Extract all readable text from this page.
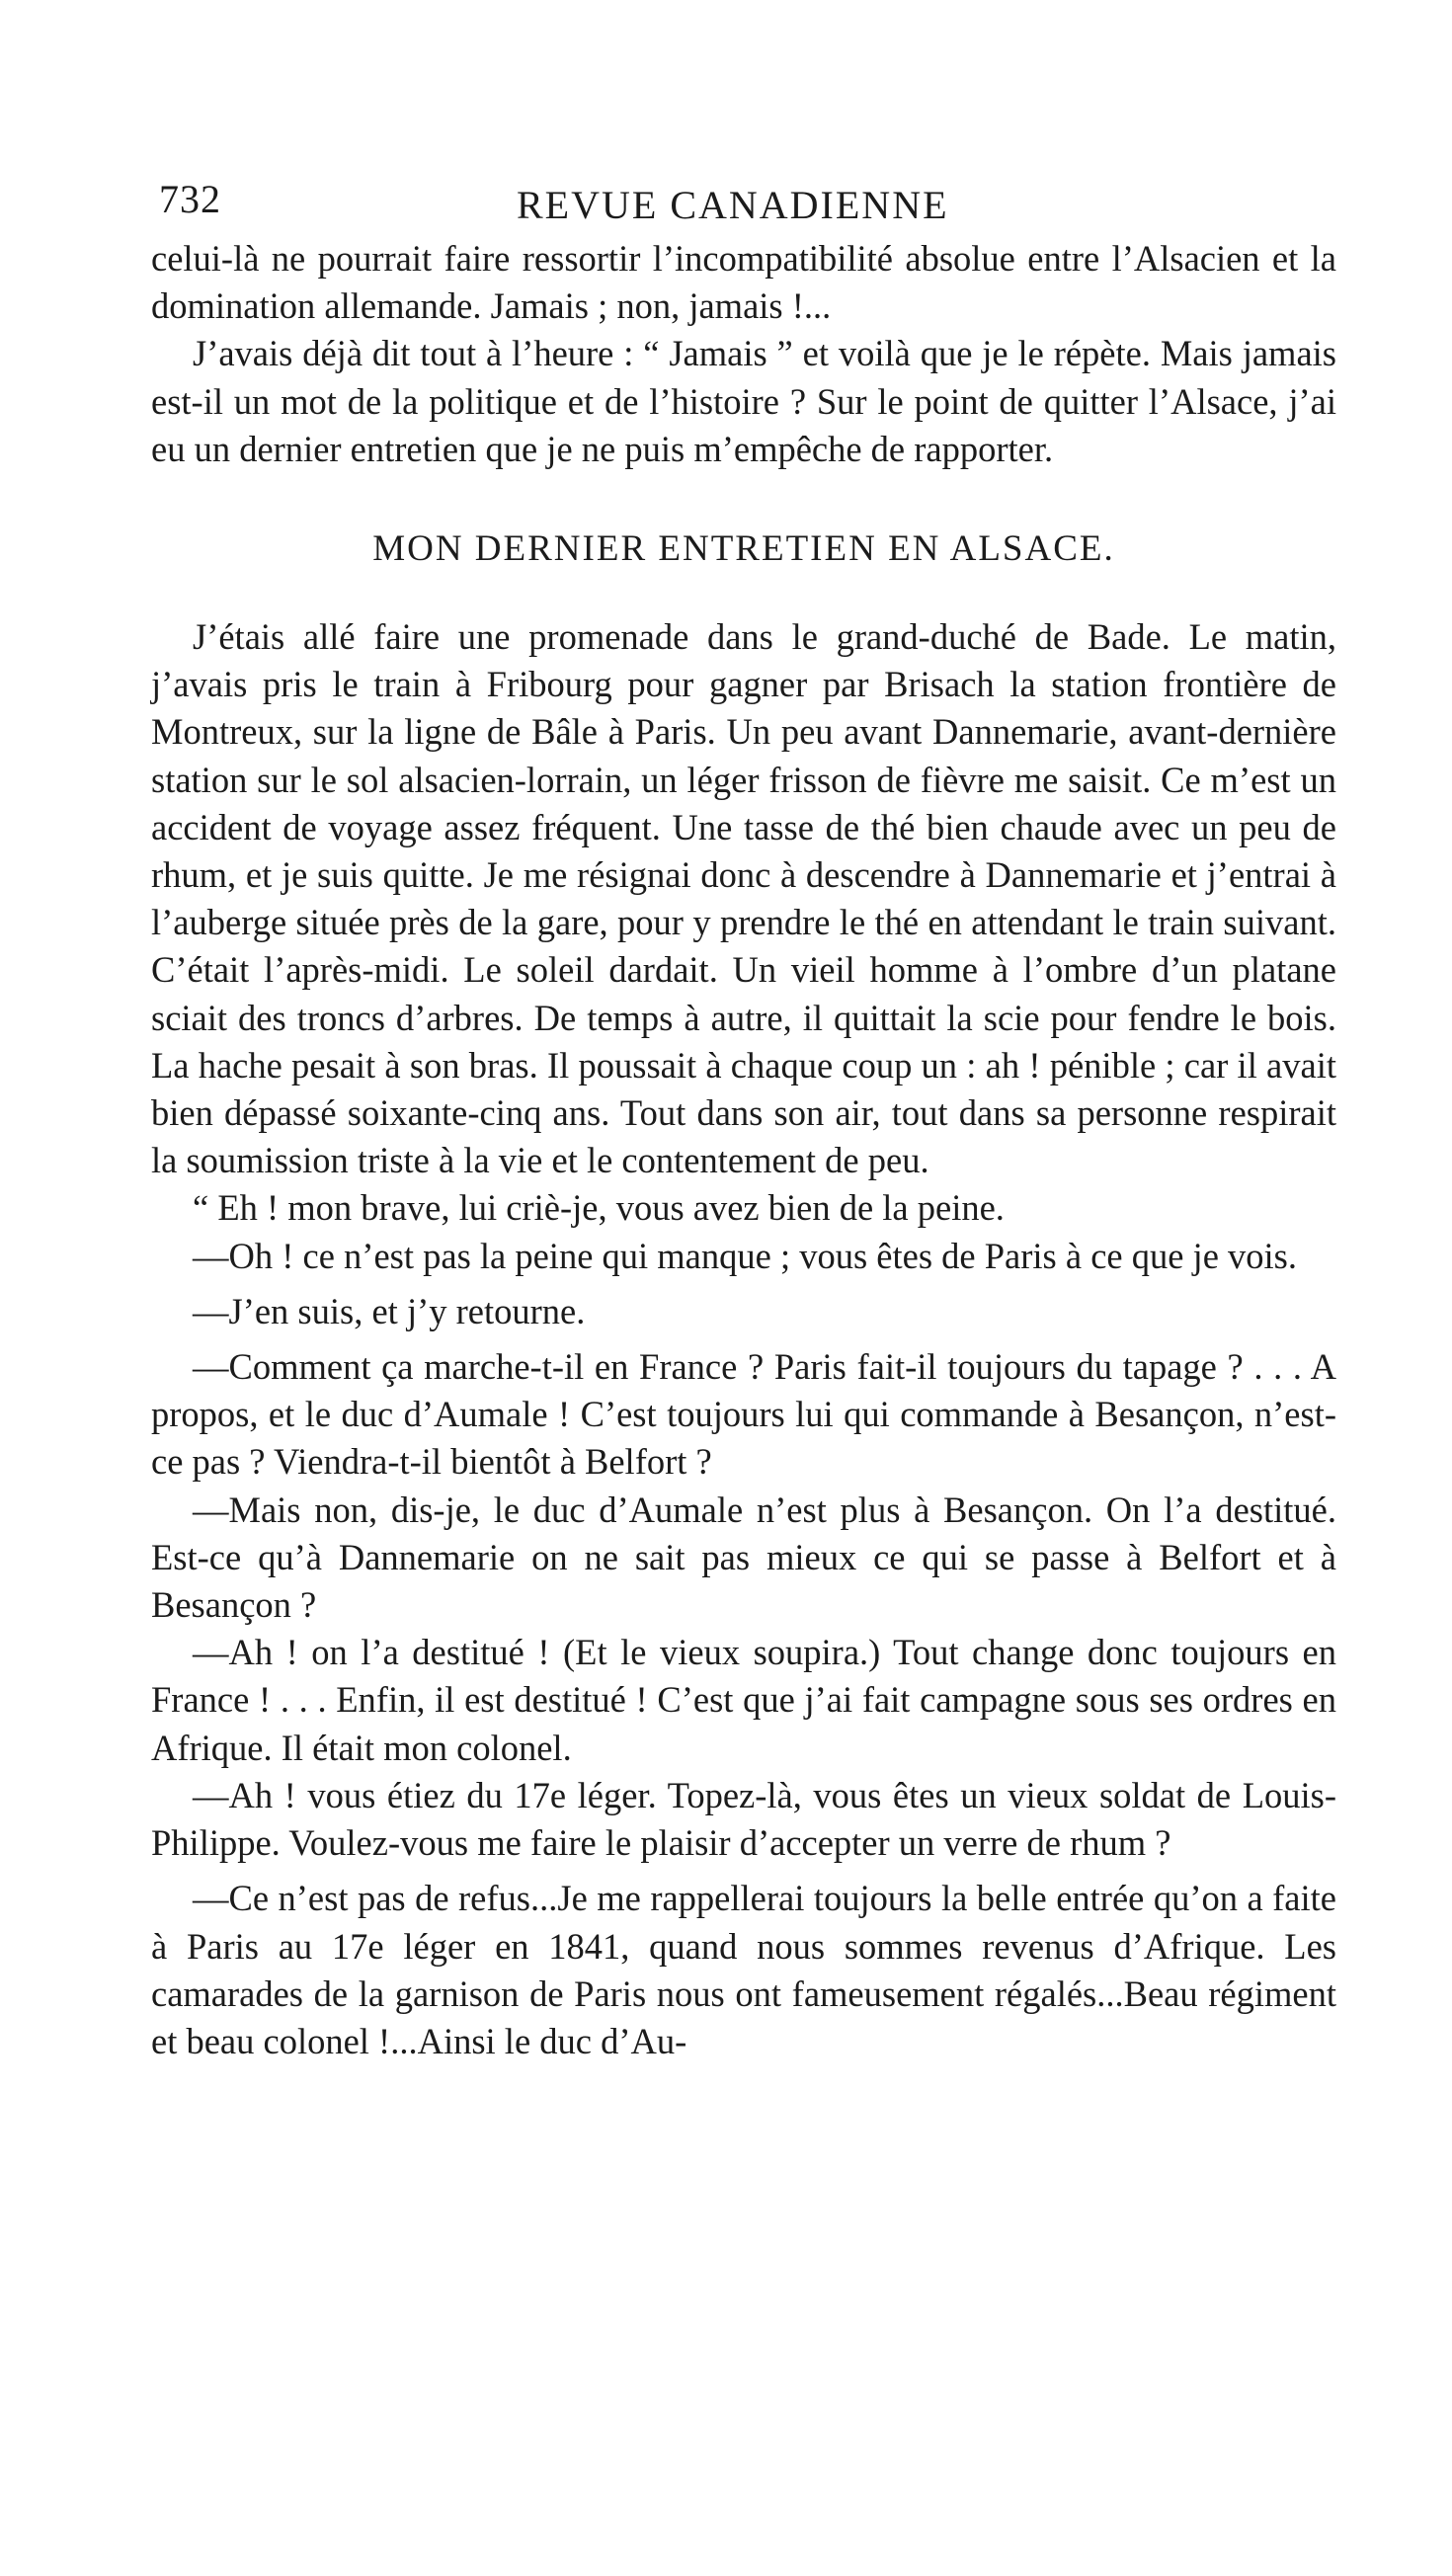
732	REVUE CANADIENNE

celui-là ne pourrait faire ressortir l’incompatibilité absolue entre l’Alsacien et la domination allemande. Jamais ; non, jamais !...

J’avais déjà dit tout à l’heure : “ Jamais ” et voilà que je le répète. Mais jamais est-il un mot de la politique et de l’histoire ? Sur le point de quitter l’Alsace, j’ai eu un dernier entretien que je ne puis m’empêche de rapporter.

MON DERNIER ENTRETIEN EN ALSACE.

J’étais allé faire une promenade dans le grand-duché de Bade. Le matin, j’avais pris le train à Fribourg pour gagner par Brisach la station frontière de Montreux, sur la ligne de Bâle à Paris. Un peu avant Dannemarie, avant-dernière station sur le sol alsacien-lorrain, un léger frisson de fièvre me saisit. Ce m’est un accident de voyage assez fréquent. Une tasse de thé bien chaude avec un peu de rhum, et je suis quitte. Je me résignai donc à descendre à Dannemarie et j’entrai à l’auberge située près de la gare, pour y prendre le thé en attendant le train suivant. C’était l’après-midi. Le soleil dardait. Un vieil homme à l’ombre d’un platane sciait des troncs d’arbres. De temps à autre, il quittait la scie pour fendre le bois. La hache pesait à son bras. Il poussait à chaque coup un : ah ! pénible ; car il avait bien dépassé soixante-cinq ans. Tout dans son air, tout dans sa personne respirait la soumission triste à la vie et le contentement de peu.

“ Eh ! mon brave, lui criè-je, vous avez bien de la peine.

—Oh ! ce n’est pas la peine qui manque ; vous êtes de Paris à ce que je vois.

—J’en suis, et j’y retourne.

—Comment ça marche-t-il en France ? Paris fait-il toujours du tapage ? . . . A propos, et le duc d’Aumale ! C’est toujours lui qui commande à Besançon, n’est-ce pas ? Viendra-t-il bientôt à Belfort ?

—Mais non, dis-je, le duc d’Aumale n’est plus à Besançon. On l’a destitué. Est-ce qu’à Dannemarie on ne sait pas mieux ce qui se passe à Belfort et à Besançon ?

—Ah ! on l’a destitué ! (Et le vieux soupira.) Tout change donc toujours en France ! . . . Enfin, il est destitué ! C’est que j’ai fait campagne sous ses ordres en Afrique. Il était mon colonel.

—Ah ! vous étiez du 17e léger. Topez-là, vous êtes un vieux soldat de Louis-Philippe. Voulez-vous me faire le plaisir d’accepter un verre de rhum ?

—Ce n’est pas de refus...Je me rappellerai toujours la belle entrée qu’on a faite à Paris au 17e léger en 1841, quand nous sommes revenus d’Afrique. Les camarades de la garnison de Paris nous ont fameusement régalés...Beau régiment et beau colonel !...Ainsi le duc d’Au-
